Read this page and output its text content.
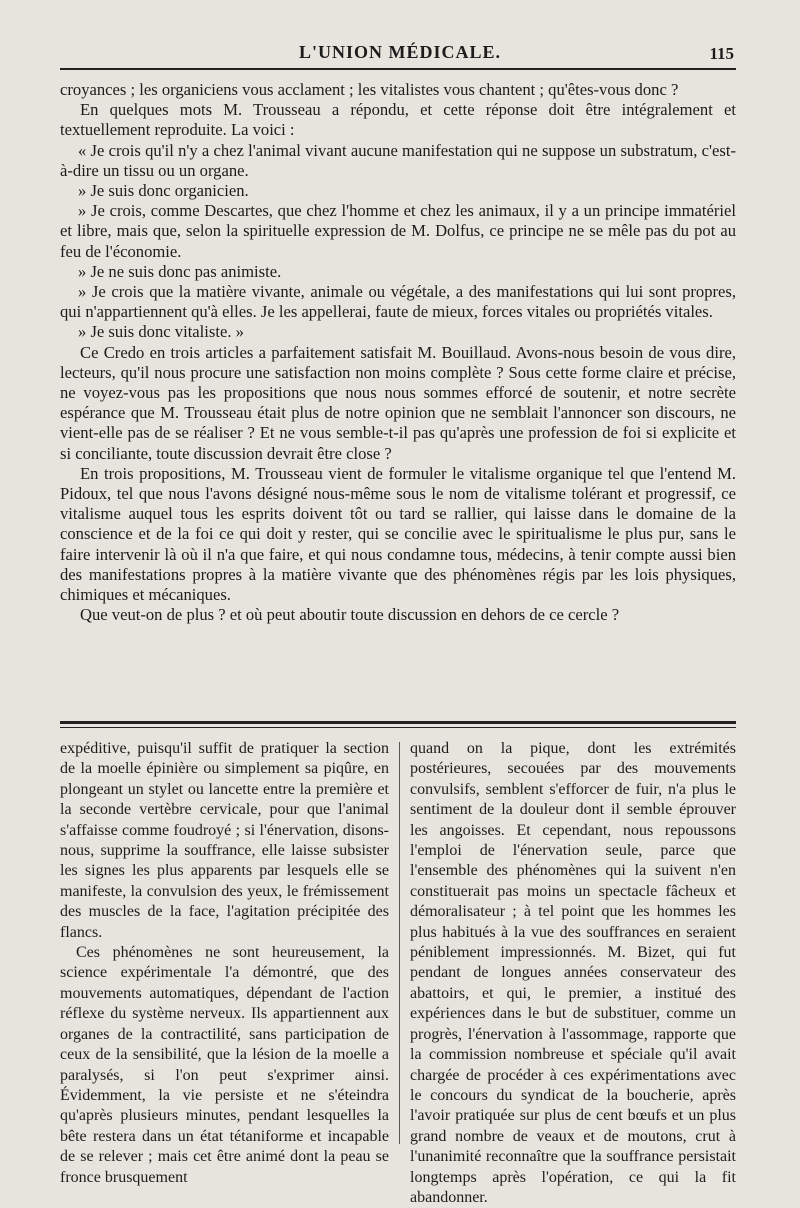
L'UNION MÉDICALE.	115

croyances ; les organiciens vous acclament ; les vitalistes vous chantent ; qu'êtes-vous donc ?

En quelques mots M. Trousseau a répondu, et cette réponse doit être intégralement et textuellement reproduite. La voici :

« Je crois qu'il n'y a chez l'animal vivant aucune manifestation qui ne suppose un substratum, c'est-à-dire un tissu ou un organe.

» Je suis donc organicien.

» Je crois, comme Descartes, que chez l'homme et chez les animaux, il y a un principe immatériel et libre, mais que, selon la spirituelle expression de M. Dolfus, ce principe ne se mêle pas du pot au feu de l'économie.

» Je ne suis donc pas animiste.

» Je crois que la matière vivante, animale ou végétale, a des manifestations qui lui sont propres, qui n'appartiennent qu'à elles. Je les appellerai, faute de mieux, forces vitales ou propriétés vitales.

» Je suis donc vitaliste. »

Ce Credo en trois articles a parfaitement satisfait M. Bouillaud. Avons-nous besoin de vous dire, lecteurs, qu'il nous procure une satisfaction non moins complète ? Sous cette forme claire et précise, ne voyez-vous pas les propositions que nous nous sommes efforcé de soutenir, et notre secrète espérance que M. Trousseau était plus de notre opinion que ne semblait l'annoncer son discours, ne vient-elle pas de se réaliser ? Et ne vous semble-t-il pas qu'après une profession de foi si explicite et si conciliante, toute discussion devrait être close ?

En trois propositions, M. Trousseau vient de formuler le vitalisme organique tel que l'entend M. Pidoux, tel que nous l'avons désigné nous-même sous le nom de vitalisme tolérant et progressif, ce vitalisme auquel tous les esprits doivent tôt ou tard se rallier, qui laisse dans le domaine de la conscience et de la foi ce qui doit y rester, qui se concilie avec le spiritualisme le plus pur, sans le faire intervenir là où il n'a que faire, et qui nous condamne tous, médecins, à tenir compte aussi bien des manifestations propres à la matière vivante que des phénomènes régis par les lois physiques, chimiques et mécaniques.

Que veut-on de plus ? et où peut aboutir toute discussion en dehors de ce cercle ?

expéditive, puisqu'il suffit de pratiquer la section de la moelle épinière ou simplement sa piqûre, en plongeant un stylet ou lancette entre la première et la seconde vertèbre cervicale, pour que l'animal s'affaisse comme foudroyé ; si l'énervation, disons-nous, supprime la souffrance, elle laisse subsister les signes les plus apparents par lesquels elle se manifeste, la convulsion des yeux, le frémissement des muscles de la face, l'agitation précipitée des flancs.

Ces phénomènes ne sont heureusement, la science expérimentale l'a démontré, que des mouvements automatiques, dépendant de l'action réflexe du système nerveux. Ils appartiennent aux organes de la contractilité, sans participation de ceux de la sensibilité, que la lésion de la moelle a paralysés, si l'on peut s'exprimer ainsi. Évidemment, la vie persiste et ne s'éteindra qu'après plusieurs minutes, pendant lesquelles la bête restera dans un état tétaniforme et incapable de se relever ; mais cet être animé dont la peau se fronce brusquement

quand on la pique, dont les extrémités postérieures, secouées par des mouvements convulsifs, semblent s'efforcer de fuir, n'a plus le sentiment de la douleur dont il semble éprouver les angoisses. Et cependant, nous repoussons l'emploi de l'énervation seule, parce que l'ensemble des phénomènes qui la suivent n'en constituerait pas moins un spectacle fâcheux et démoralisateur ; à tel point que les hommes les plus habitués à la vue des souffrances en seraient péniblement impressionnés. M. Bizet, qui fut pendant de longues années conservateur des abattoirs, et qui, le premier, a institué des expériences dans le but de substituer, comme un progrès, l'énervation à l'assommage, rapporte que la commission nombreuse et spéciale qu'il avait chargée de procéder à ces expérimentations avec le concours du syndicat de la boucherie, après l'avoir pratiquée sur plus de cent bœufs et un plus grand nombre de veaux et de moutons, crut à l'unanimité reconnaître que la souffrance persistait longtemps après l'opération, ce qui la fit abandonner.
